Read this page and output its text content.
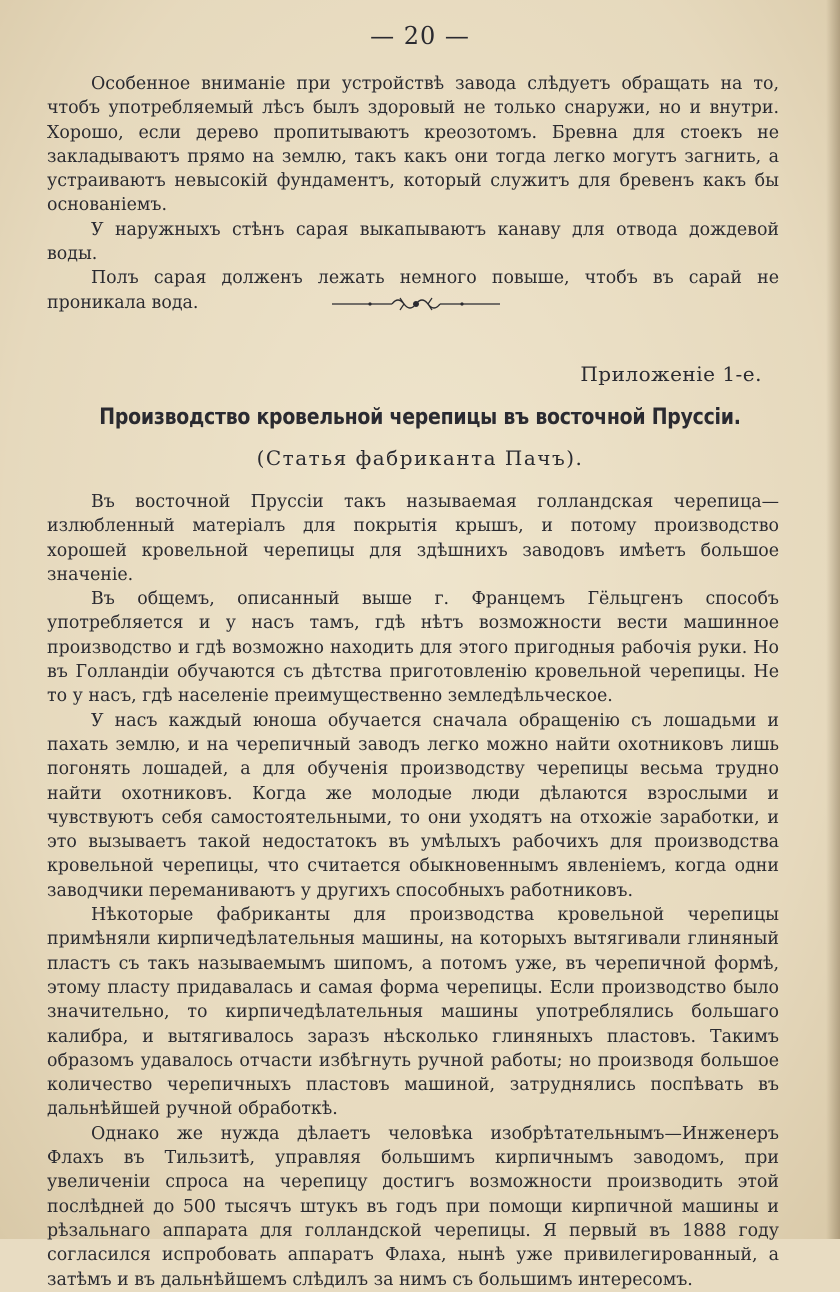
— 20 —

Особенное вниманіе при устройствѣ завода слѣдуетъ обращать на то, чтобъ употребляемый лѣсъ былъ здоровый не только снаружи, но и внутри. Хорошо, если дерево пропитываютъ креозотомъ. Бревна для стоекъ не закладываютъ прямо на землю, такъ какъ они тогда легко могутъ загнить, а устраиваютъ невысокій фундаментъ, который служитъ для бревенъ какъ бы основаніемъ.

У наружныхъ стѣнъ сарая выкапываютъ канаву для отвода дождевой воды.

Полъ сарая долженъ лежать немного повыше, чтобъ въ сарай не проникала вода.

Приложеніе 1-е.
Производство кровельной черепицы въ восточной Пруссіи.
(Статья фабриканта Пачъ).

Въ восточной Пруссіи такъ называемая голландская черепица—излюбленный матеріалъ для покрытія крышъ, и потому производство хорошей кровельной черепицы для здѣшнихъ заводовъ имѣетъ большое значеніе.

Въ общемъ, описанный выше г. Францемъ Гёльцгенъ способъ употребляется и у насъ тамъ, гдѣ нѣтъ возможности вести машинное производство и гдѣ возможно находить для этого пригодныя рабочія руки. Но въ Голландіи обучаются съ дѣтства приготовленію кровельной черепицы. Не то у насъ, гдѣ населеніе преимущественно земледѣльческое.

У насъ каждый юноша обучается сначала обращенію съ лошадьми и пахать землю, и на черепичный заводъ легко можно найти охотниковъ лишь погонять лошадей, а для обученія производству черепицы весьма трудно найти охотниковъ. Когда же молодые люди дѣлаются взрослыми и чувствуютъ себя самостоятельными, то они уходятъ на отхожіе заработки, и это вызываетъ такой недостатокъ въ умѣлыхъ рабочихъ для производства кровельной черепицы, что считается обыкновеннымъ явленіемъ, когда одни заводчики переманиваютъ у другихъ способныхъ работниковъ.

Нѣкоторые фабриканты для производства кровельной черепицы примѣняли кирпичедѣлательныя машины, на которыхъ вытягивали глиняный пластъ съ такъ называемымъ шипомъ, а потомъ уже, въ черепичной формѣ, этому пласту придавалась и самая форма черепицы. Если производство было значительно, то кирпичедѣлательныя машины употреблялись большаго калибра, и вытягивалось заразъ нѣсколько глиняныхъ пластовъ. Такимъ образомъ удавалось отчасти избѣгнуть ручной работы; но производя большое количество черепичныхъ пластовъ машиной, затруднялись поспѣвать въ дальнѣйшей ручной обработкѣ.

Однако же нужда дѣлаетъ человѣка изобрѣтательнымъ—Инженеръ Флахъ въ Тильзитѣ, управляя большимъ кирпичнымъ заводомъ, при увеличеніи спроса на черепицу достигъ возможности производить этой послѣдней до 500 тысячъ штукъ въ годъ при помощи кирпичной машины и рѣзальнаго аппарата для голландской черепицы. Я первый въ 1888 году согласился испробовать аппаратъ Флаха, нынѣ уже привилегированный, а затѣмъ и въ дальнѣйшемъ слѣдилъ за нимъ съ большимъ интересомъ.
